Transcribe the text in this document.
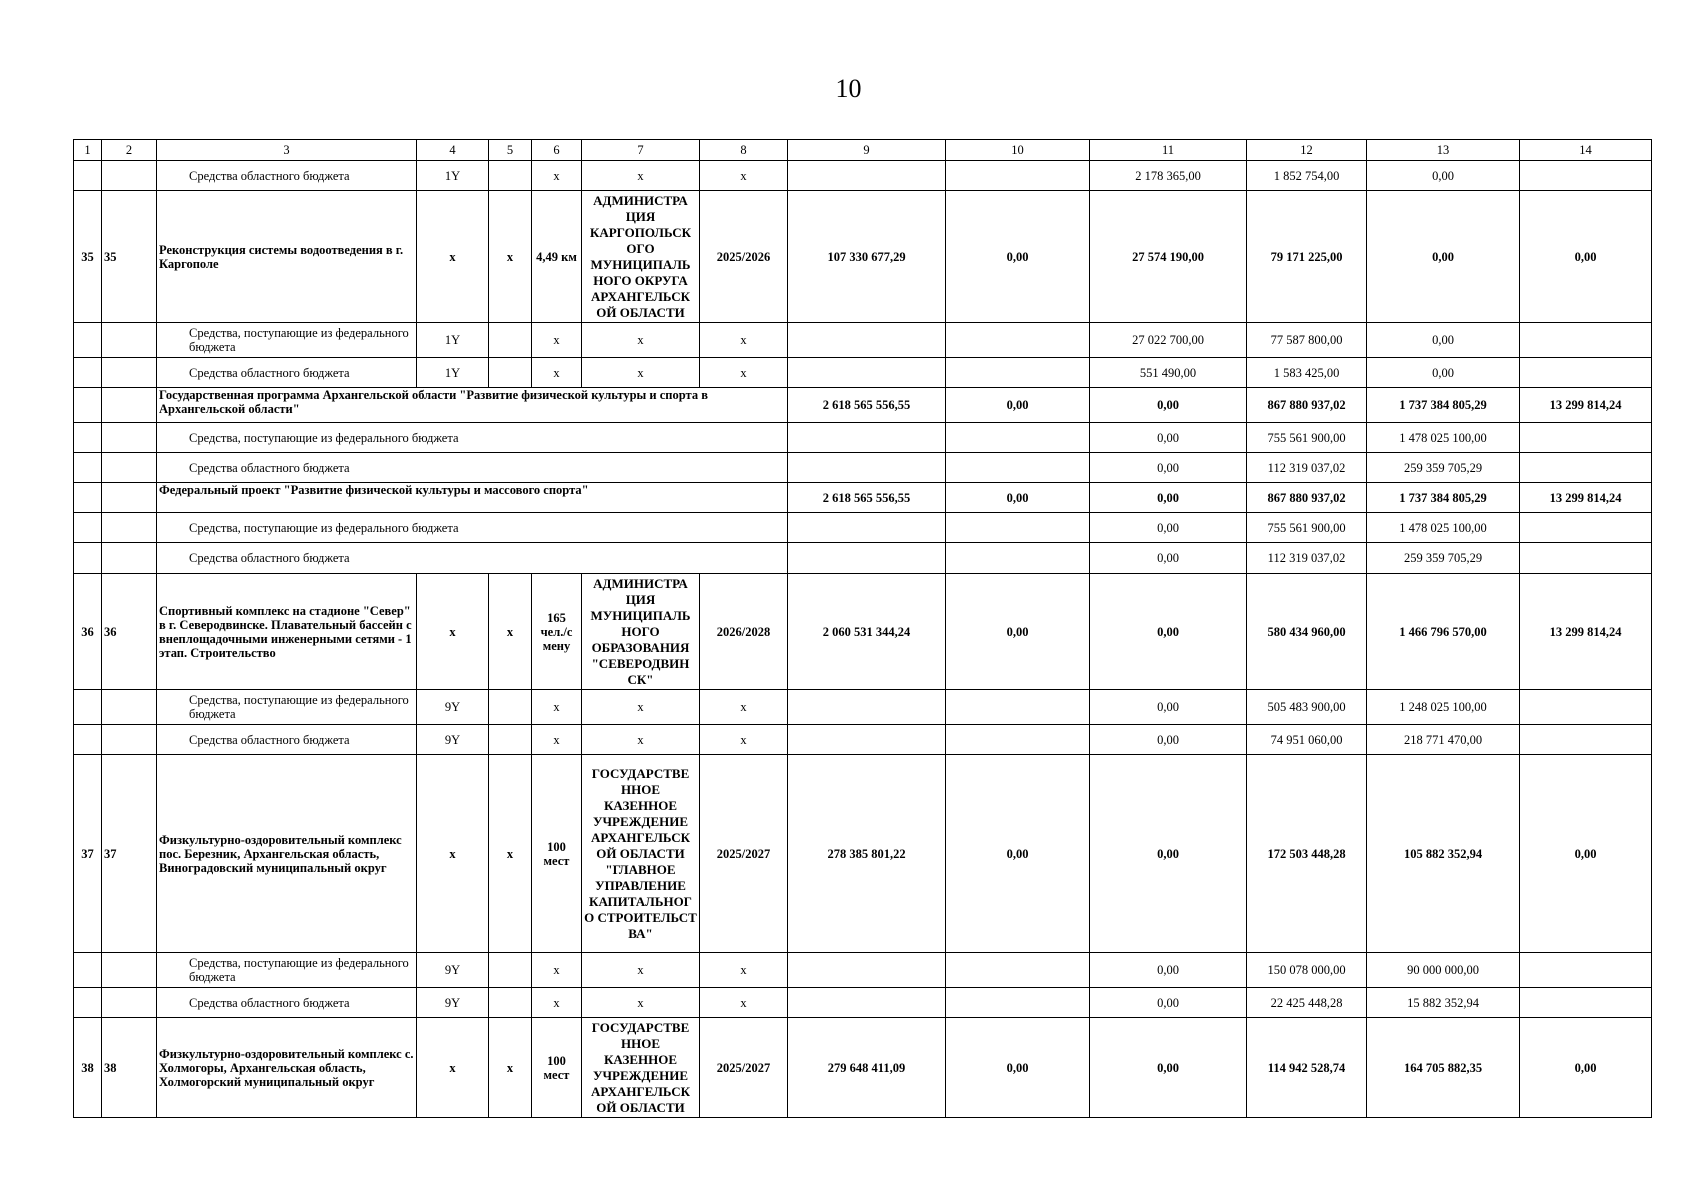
10
1	2	3	4	5	6	7	8	9	10	11	12	13	14
		Средства областного бюджета	1Y		х	х	х			2 178 365,00	1 852 754,00	0,00	
35	35	Реконструкция системы водоотведения в г. Каргополе	х	х	4,49 км	АДМИНИСТРА ЦИЯ КАРГОПОЛЬСК ОГО МУНИЦИПАЛЬ НОГО ОКРУГА АРХАНГЕЛЬСК ОЙ ОБЛАСТИ	2025/2026	107 330 677,29	0,00	27 574 190,00	79 171 225,00	0,00	0,00
		Средства, поступающие из федерального бюджета	1Y		х	х	х			27 022 700,00	77 587 800,00	0,00	
		Средства областного бюджета	1Y		х	х	х			551 490,00	1 583 425,00	0,00	
		Государственная программа Архангельской области "Развитие физической культуры и спорта в Архангельской области"						2 618 565 556,55	0,00	0,00	867 880 937,02	1 737 384 805,29	13 299 814,24
		Средства, поступающие из федерального бюджета								0,00	755 561 900,00	1 478 025 100,00	
		Средства областного бюджета								0,00	112 319 037,02	259 359 705,29	
		Федеральный проект "Развитие физической культуры и массового спорта"						2 618 565 556,55	0,00	0,00	867 880 937,02	1 737 384 805,29	13 299 814,24
		Средства, поступающие из федерального бюджета								0,00	755 561 900,00	1 478 025 100,00	
		Средства областного бюджета								0,00	112 319 037,02	259 359 705,29	
36	36	Спортивный комплекс на стадионе "Север" в г. Северодвинске. Плавательный бассейн с внеплощадочными инженерными сетями - 1 этап. Строительство	х	х	165 чел./с мену	АДМИНИСТРА ЦИЯ МУНИЦИПАЛЬ НОГО ОБРАЗОВАНИЯ "СЕВЕРОДВИН СК"	2026/2028	2 060 531 344,24	0,00	0,00	580 434 960,00	1 466 796 570,00	13 299 814,24
		Средства, поступающие из федерального бюджета	9Y		х	х	х			0,00	505 483 900,00	1 248 025 100,00	
		Средства областного бюджета	9Y		х	х	х			0,00	74 951 060,00	218 771 470,00	
37	37	Физкультурно-оздоровительный комплекс пос. Березник, Архангельская область, Виноградовский муниципальный округ	х	х	100 мест	ГОСУДАРСТВЕ ННОЕ КАЗЕННОЕ УЧРЕЖДЕНИЕ АРХАНГЕЛЬСК ОЙ ОБЛАСТИ "ГЛАВНОЕ УПРАВЛЕНИЕ КАПИТАЛЬНОГ О СТРОИТЕЛЬСТ ВА"	2025/2027	278 385 801,22	0,00	0,00	172 503 448,28	105 882 352,94	0,00
		Средства, поступающие из федерального бюджета	9Y		х	х	х			0,00	150 078 000,00	90 000 000,00	
		Средства областного бюджета	9Y		х	х	х			0,00	22 425 448,28	15 882 352,94	
38	38	Физкультурно-оздоровительный комплекс с. Холмогоры, Архангельская область, Холмогорский муниципальный округ	х	х	100 мест	ГОСУДАРСТВЕ ННОЕ КАЗЕННОЕ УЧРЕЖДЕНИЕ АРХАНГЕЛЬСК ОЙ ОБЛАСТИ	2025/2027	279 648 411,09	0,00	0,00	114 942 528,74	164 705 882,35	0,00
